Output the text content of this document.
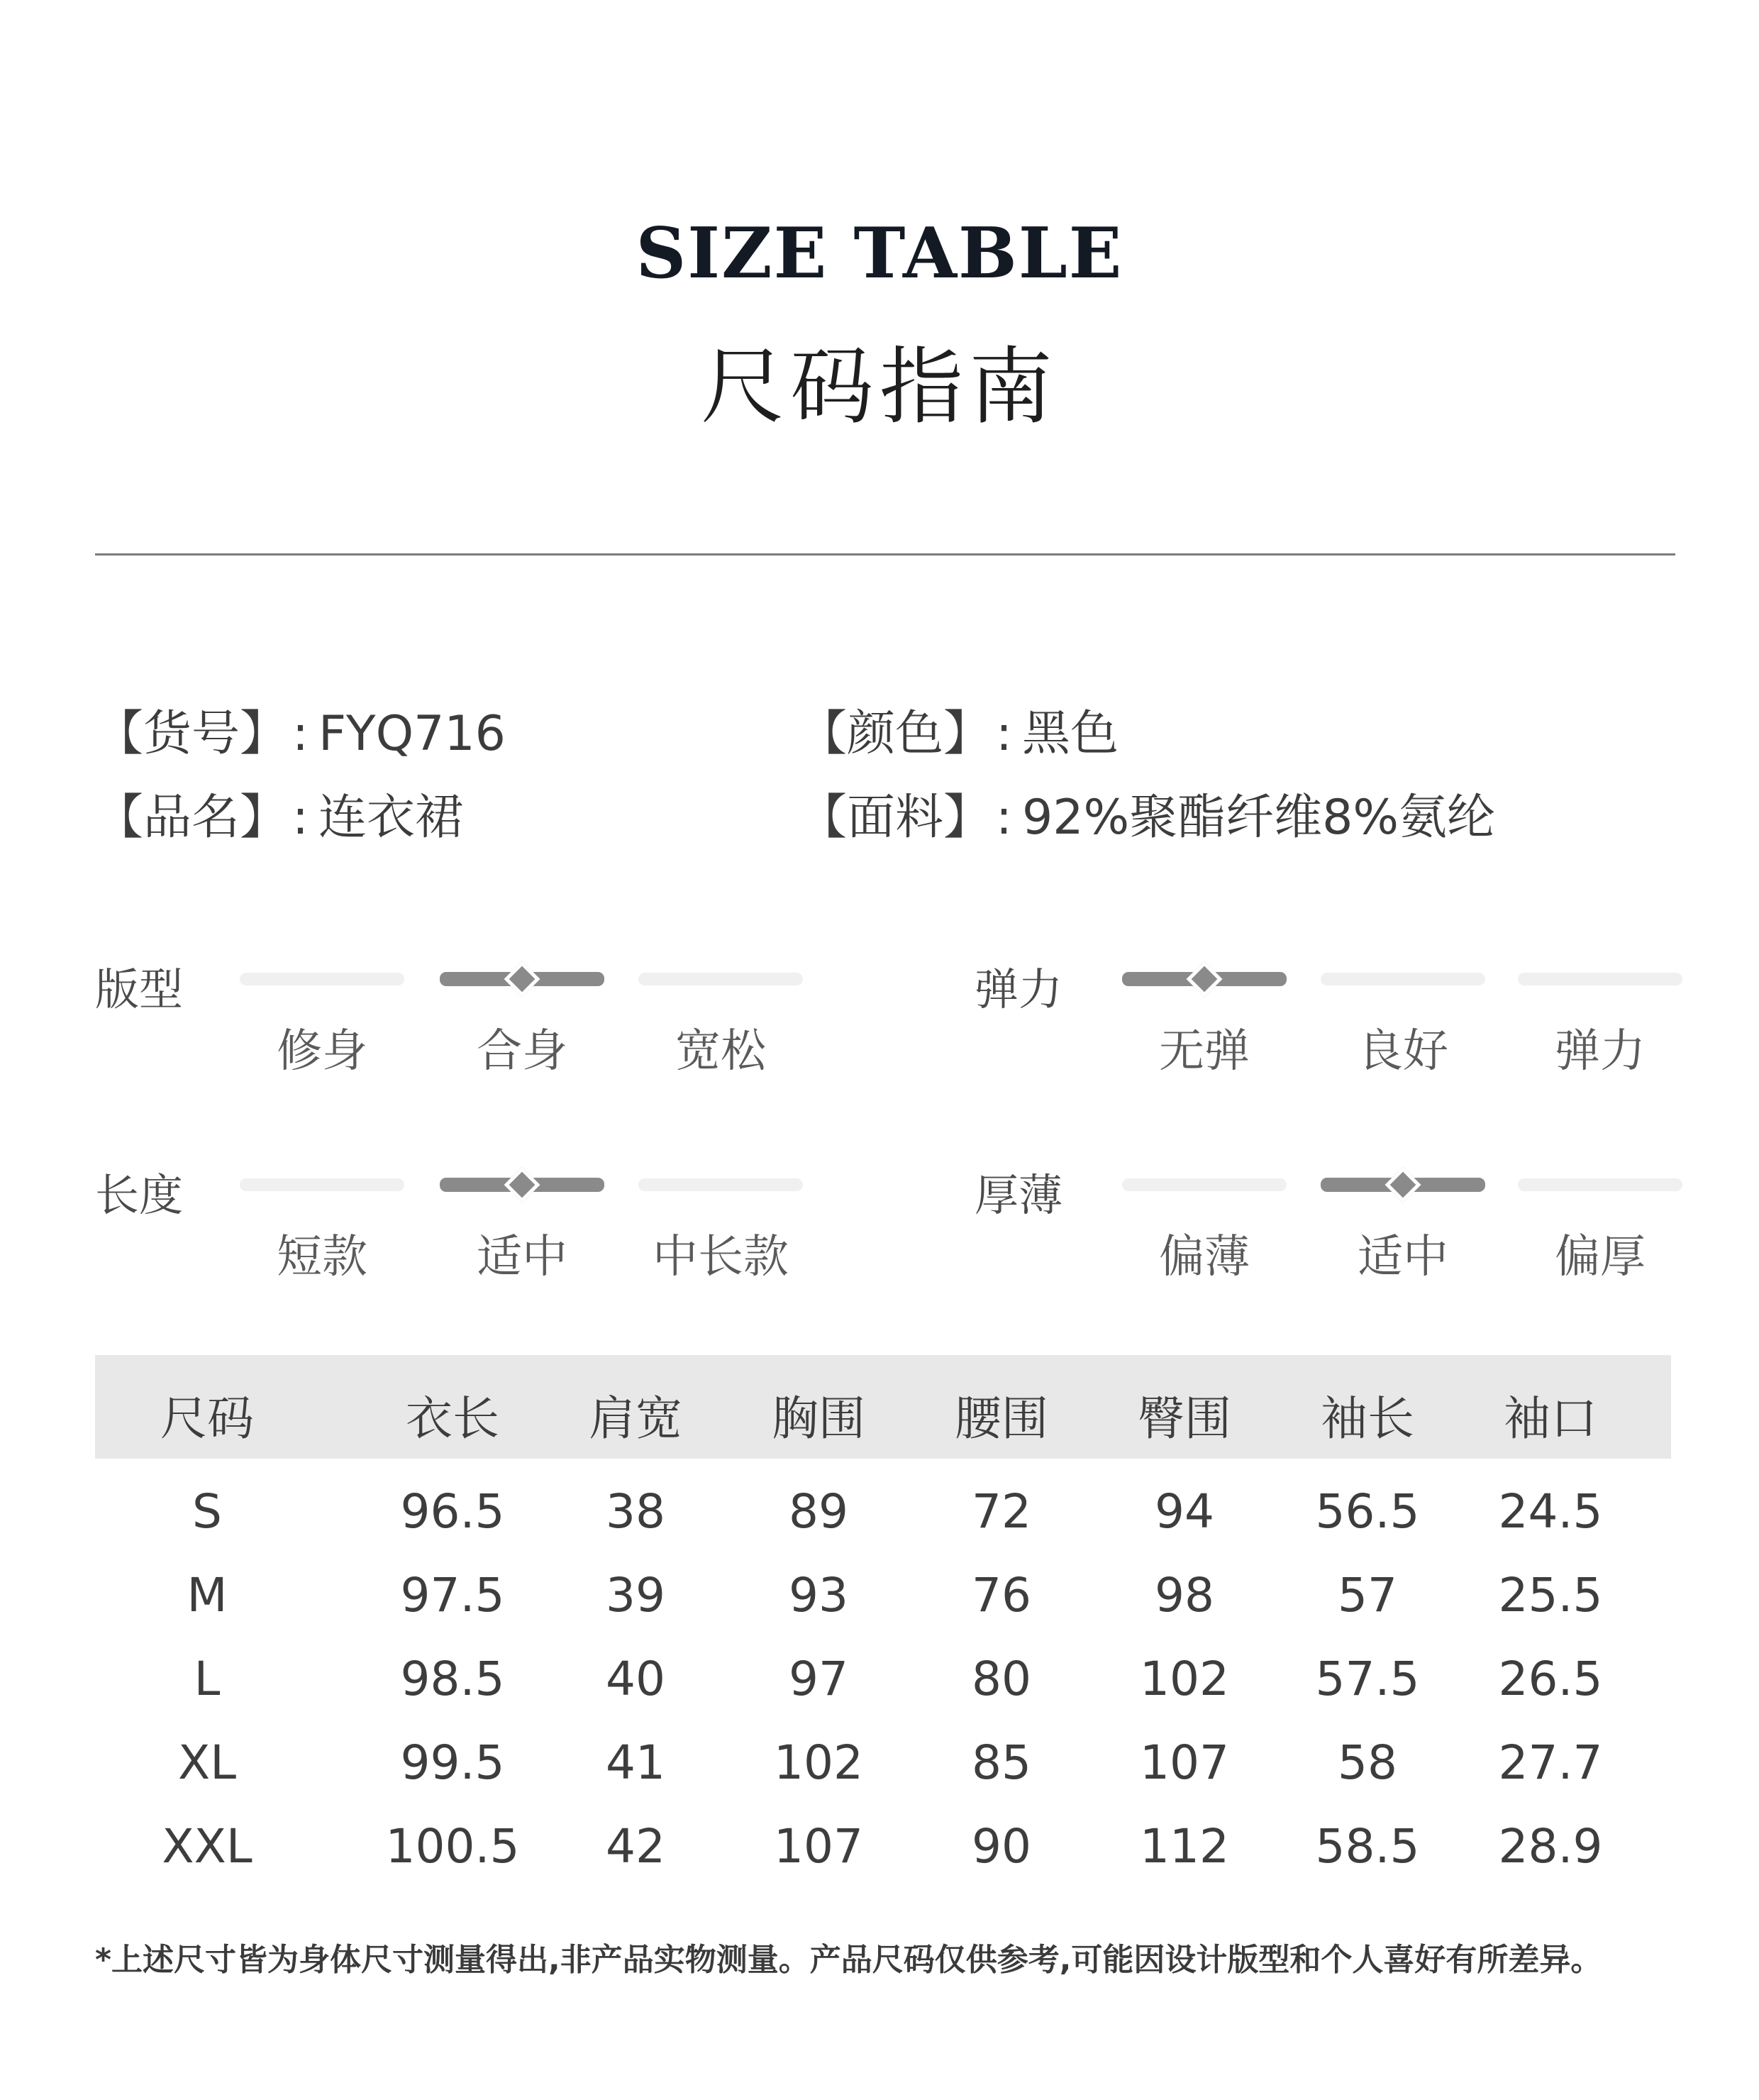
SIZE TABLE
尺码指南
【货号】: FYQ716
【品名】: 连衣裙
【颜色】: 黑色
【面料】: 92%聚酯纤维8%氨纶
版型
修身	合身	宽松
弹力
无弹	良好	弹力
长度
短款	适中	中长款
厚薄
偏薄	适中	偏厚
尺码	衣长	肩宽	胸围	腰围	臀围	袖长	袖口
S	96.5	38	89	72	94	56.5	24.5
M	97.5	39	93	76	98	57	25.5
L	98.5	40	97	80	102	57.5	26.5
XL	99.5	41	102	85	107	58	27.7
XXL	100.5	42	107	90	112	58.5	28.9
*上述尺寸皆为身体尺寸测量得出,非产品实物测量。产品尺码仅供参考,可能因设计版型和个人喜好有所差异。
